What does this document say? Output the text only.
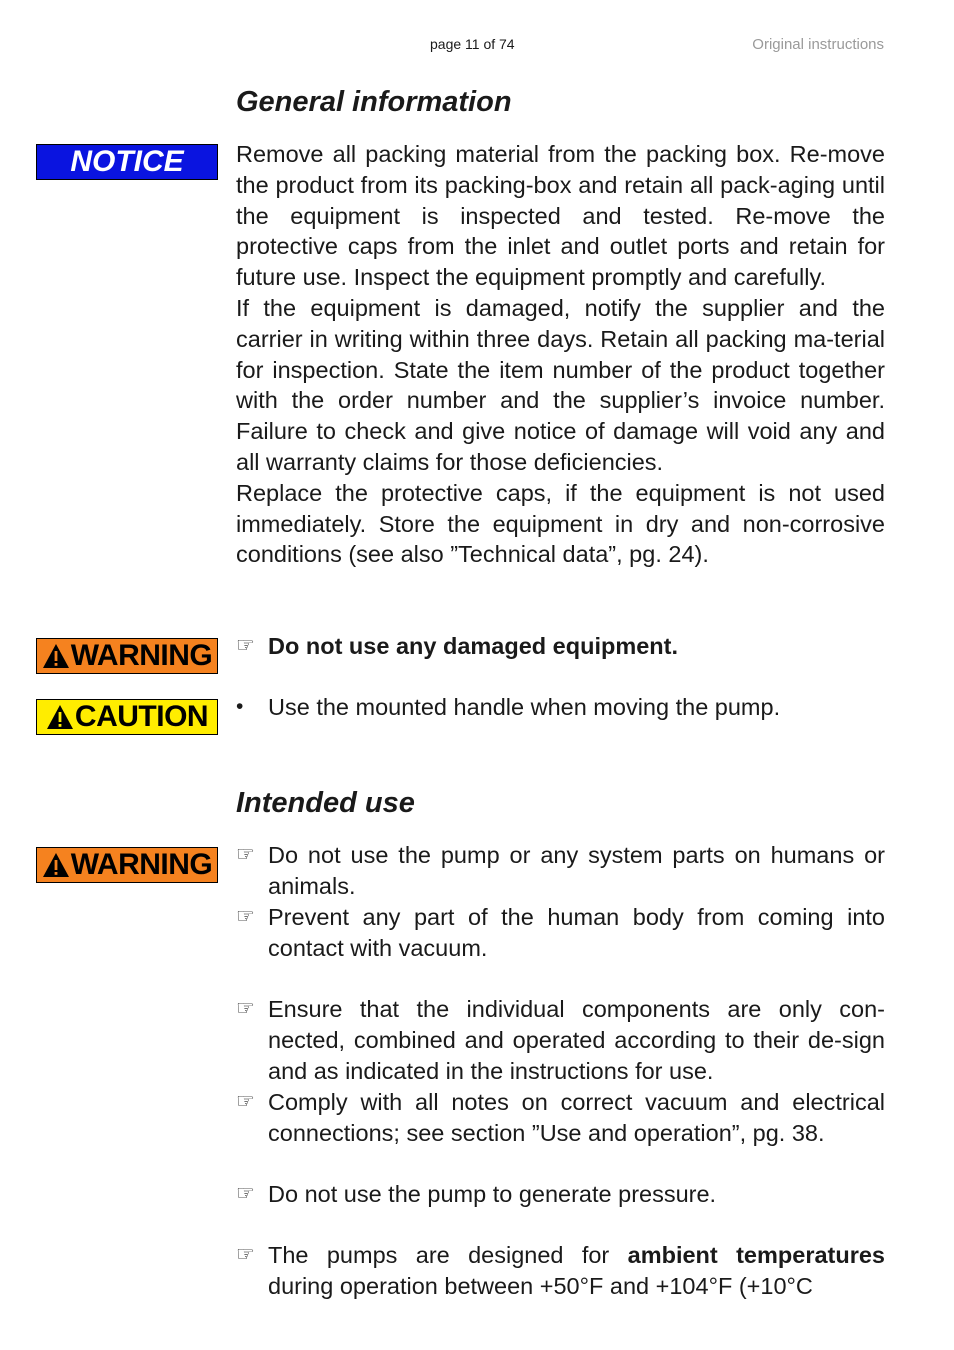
page 11 of 74	Original instructions
General information
NOTICE Remove all packing material from the packing box. Re-move the product from its packing-box and retain all pack-aging until the equipment is inspected and tested. Re-move the protective caps from the inlet and outlet ports and retain for future use. Inspect the equipment promptly and carefully.

If the equipment is damaged, notify the supplier and the carrier in writing within three days. Retain all packing ma-terial for inspection. State the item number of the product together with the order number and the supplier’s invoice number. Failure to check and give notice of damage will void any and all warranty claims for those deficiencies.

Replace the protective caps, if the equipment is not used immediately. Store the equipment in dry and non-corrosive conditions (see also ”Technical data”, pg. 24).

WARNING ☞ Do not use any damaged equipment.
CAUTION •	Use the mounted handle when moving the pump.
Intended use
WARNING ☞ Do not use the pump or any system parts on humans or animals.
☞ Prevent any part of the human body from coming into contact with vacuum.
☞ Ensure that the individual components are only con-nected, combined and operated according to their de-sign and as indicated in the instructions for use.
☞ Comply with all notes on correct vacuum and electrical connections; see section ”Use and operation”, pg. 38.
☞ Do not use the pump to generate pressure.
☞ The pumps are designed for ambient temperatures during operation between +50°F and +104°F (+10°C
